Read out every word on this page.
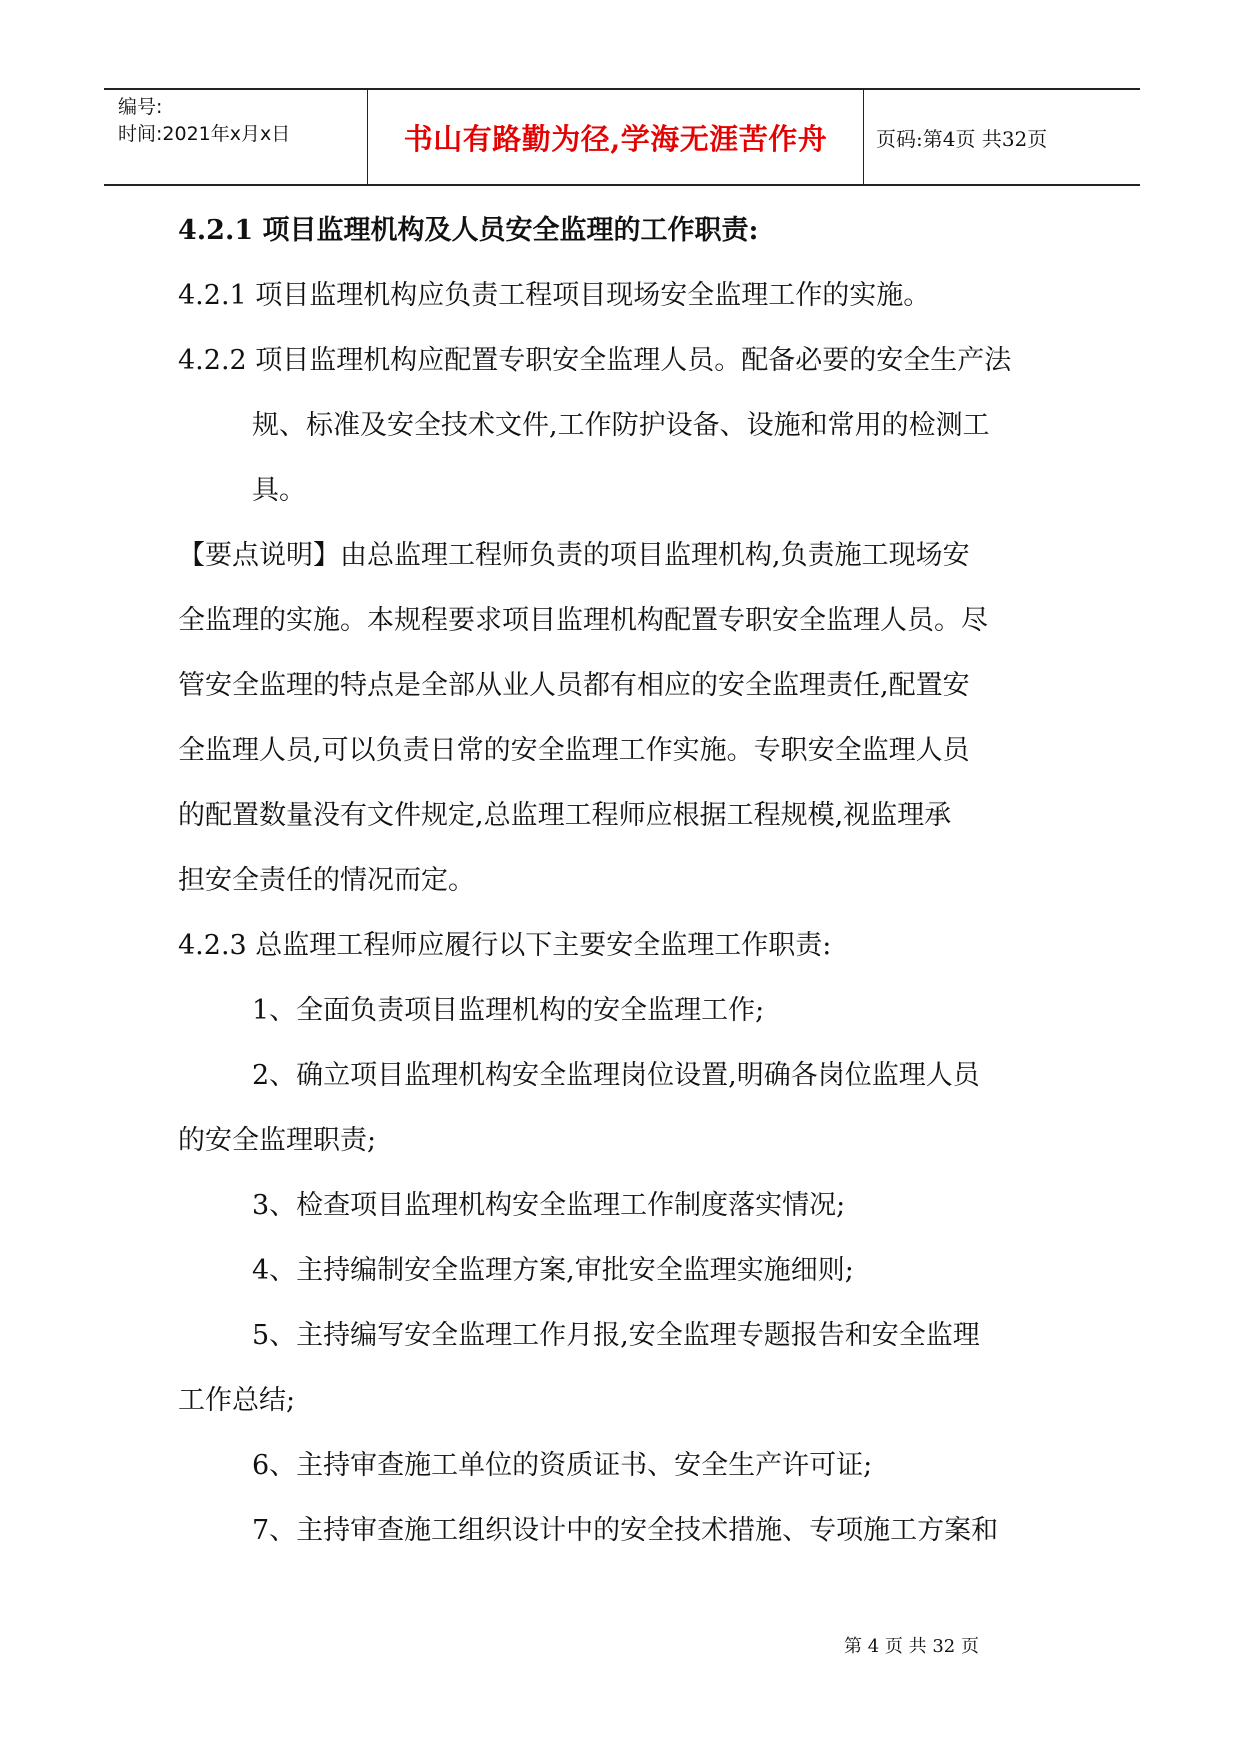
编号:
时间:2021年x月x日	书山有路勤为径,学海无涯苦作舟	页码:第4页 共32页

4.2.1 项目监理机构及人员安全监理的工作职责:

4.2.1 项目监理机构应负责工程项目现场安全监理工作的实施。

4.2.2 项目监理机构应配置专职安全监理人员。配备必要的安全生产法

规、标准及安全技术文件,工作防护设备、设施和常用的检测工

具。

【要点说明】由总监理工程师负责的项目监理机构,负责施工现场安

全监理的实施。本规程要求项目监理机构配置专职安全监理人员。尽

管安全监理的特点是全部从业人员都有相应的安全监理责任,配置安

全监理人员,可以负责日常的安全监理工作实施。专职安全监理人员

的配置数量没有文件规定,总监理工程师应根据工程规模,视监理承

担安全责任的情况而定。

4.2.3 总监理工程师应履行以下主要安全监理工作职责:

1、全面负责项目监理机构的安全监理工作;

2、确立项目监理机构安全监理岗位设置,明确各岗位监理人员

的安全监理职责;

3、检查项目监理机构安全监理工作制度落实情况;

4、主持编制安全监理方案,审批安全监理实施细则;

5、主持编写安全监理工作月报,安全监理专题报告和安全监理

工作总结;

6、主持审查施工单位的资质证书、安全生产许可证;

7、主持审查施工组织设计中的安全技术措施、专项施工方案和

第 4 页 共 32 页
